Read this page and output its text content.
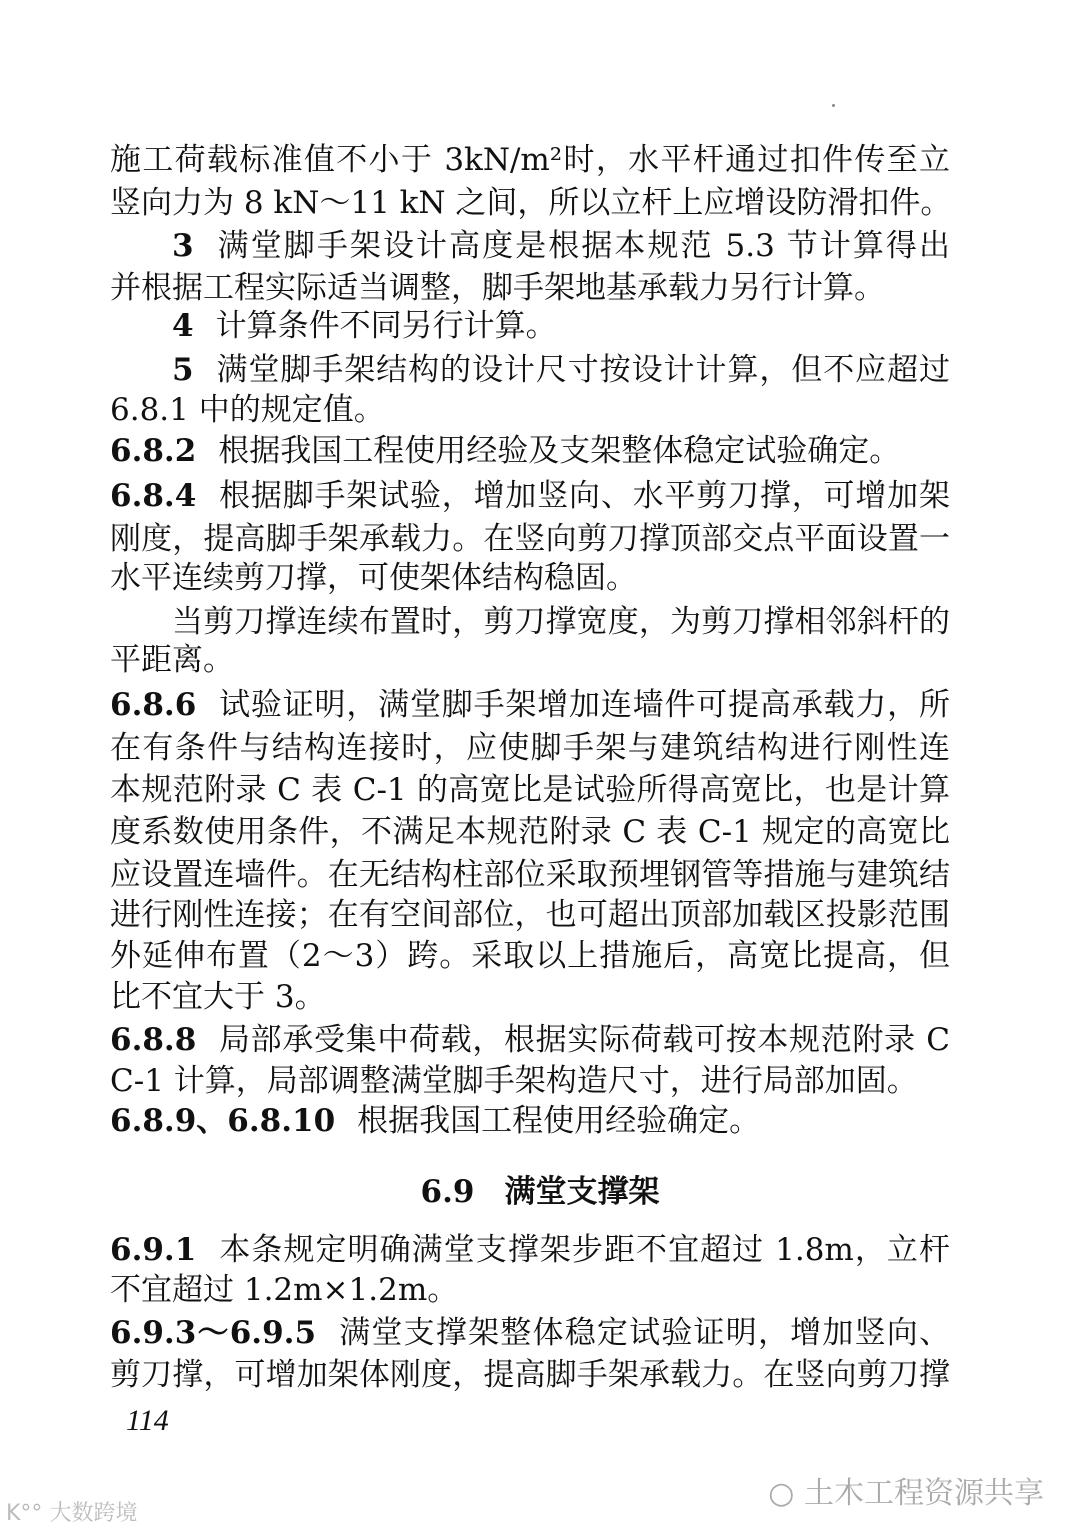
施工荷载标准值不小于 3kN/m²时，水平杆通过扣件传至立
竖向力为 8 kN～11 kN 之间，所以立杆上应增设防滑扣件。
3 满堂脚手架设计高度是根据本规范 5.3 节计算得出
并根据工程实际适当调整，脚手架地基承载力另行计算。
4 计算条件不同另行计算。
5 满堂脚手架结构的设计尺寸按设计计算，但不应超过
6.8.1 中的规定值。
6.8.2 根据我国工程使用经验及支架整体稳定试验确定。
6.8.4 根据脚手架试验，增加竖向、水平剪刀撑，可增加架
刚度，提高脚手架承载力。在竖向剪刀撑顶部交点平面设置一
水平连续剪刀撑，可使架体结构稳固。
当剪刀撑连续布置时，剪刀撑宽度，为剪刀撑相邻斜杆的
平距离。
6.8.6 试验证明，满堂脚手架增加连墙件可提高承载力，所
在有条件与结构连接时，应使脚手架与建筑结构进行刚性连
本规范附录 C 表 C-1 的高宽比是试验所得高宽比，也是计算
度系数使用条件，不满足本规范附录 C 表 C-1 规定的高宽比
应设置连墙件。在无结构柱部位采取预埋钢管等措施与建筑结
进行刚性连接；在有空间部位，也可超出顶部加载区投影范围
外延伸布置（2～3）跨。采取以上措施后，高宽比提高，但
比不宜大于 3。
6.8.8 局部承受集中荷载，根据实际荷载可按本规范附录 C
C-1 计算，局部调整满堂脚手架构造尺寸，进行局部加固。
6.8.9、6.8.10 根据我国工程使用经验确定。
6.9.1 本条规定明确满堂支撑架步距不宜超过 1.8m，立杆
不宜超过 1.2m×1.2m。
6.9.3～6.9.5 满堂支撑架整体稳定试验证明，增加竖向、
剪刀撑，可增加架体刚度，提高脚手架承载力。在竖向剪刀撑
6.9 满堂支撑架
114
○ 土木工程资源共享
K°° 大数跨境
